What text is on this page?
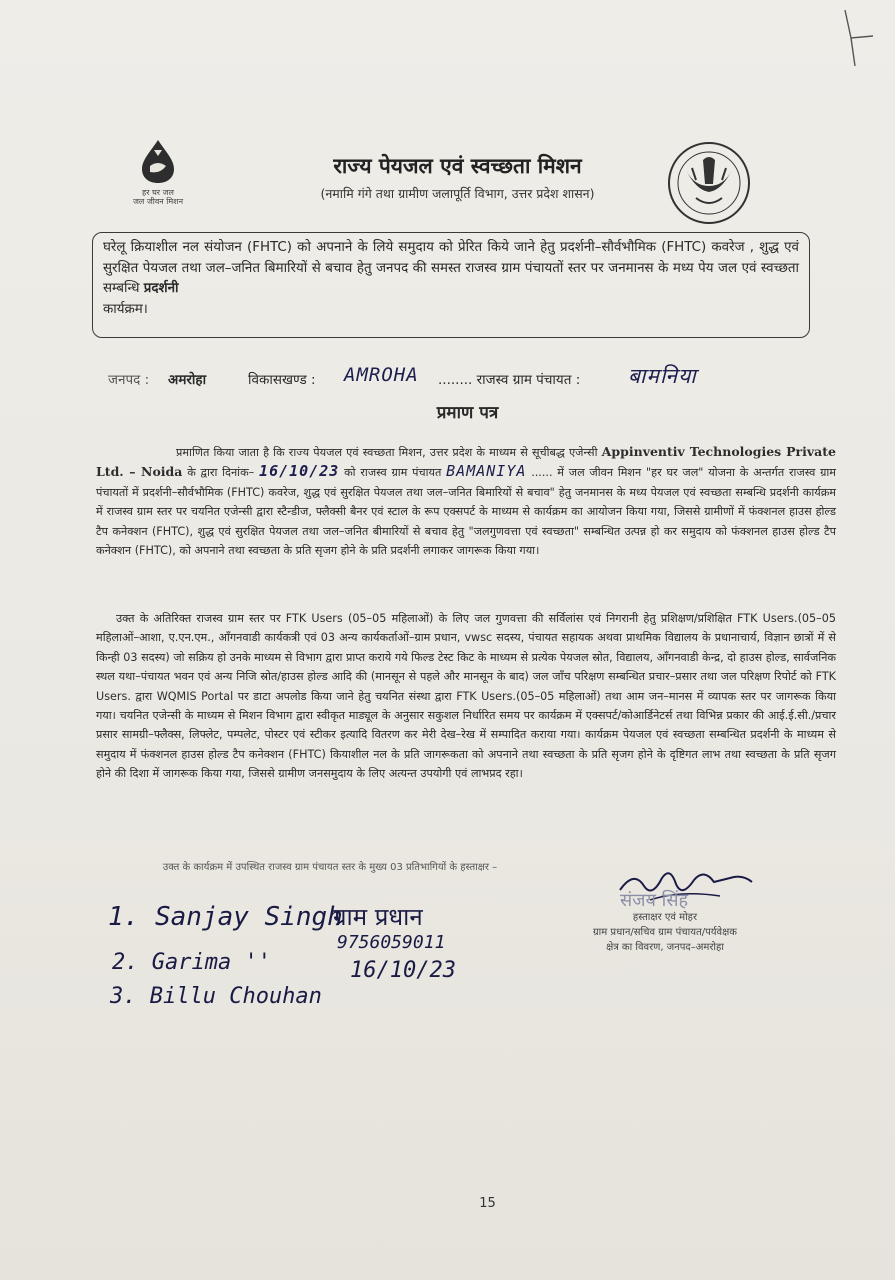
हर घर जल
जल जीवन मिशन
राज्य पेयजल एवं स्वच्छता मिशन
(नमामि गंगे तथा ग्रामीण जलापूर्ति विभाग, उत्तर प्रदेश शासन)
घरेलू क्रियाशील नल संयोजन (FHTC) को अपनाने के लिये समुदाय को प्रेरित किये जाने हेतु प्रदर्शनी–सौर्वभौमिक (FHTC) कवरेज , शुद्ध एवं सुरक्षित पेयजल तथा जल–जनित बिमारियों से बचाव हेतु जनपद की समस्त राजस्व ग्राम पंचायतों स्तर पर जनमानस के मध्य पेय जल एवं स्वच्छता सम्बन्धि प्रदर्शनी
कार्यक्रम।
जनपद : अमरोहा	विकासखण्ड : AMROHA ........ राजस्व ग्राम पंचायत : बामनिया
प्रमाण पत्र
प्रमाणित किया जाता है कि राज्य पेयजल एवं स्वच्छता मिशन, उत्तर प्रदेश के माध्यम से सूचीबद्ध एजेन्सी Appinventiv Technologies Private Ltd. – Noida के द्वारा दिनांक– 16/10/23 को राजस्व ग्राम पंचायत BAMANIYA ...... में जल जीवन मिशन "हर घर जल" योजना के अन्तर्गत राजस्व ग्राम पंचायतों में प्रदर्शनी–सौर्वभौमिक (FHTC) कवरेज, शुद्ध एवं सुरक्षित पेयजल तथा जल–जनित बिमारियों से बचाव" हेतु जनमानस के मध्य पेयजल एवं स्वच्छता सम्बन्धि प्रदर्शनी कार्यक्रम में राजस्व ग्राम स्तर पर चयनित एजेन्सी द्वारा स्टैन्डीज, फ्लैक्सी बैनर एवं स्टाल के रूप एक्सपर्ट के माध्यम से कार्यक्रम का आयोजन किया गया, जिससे ग्रामीणों में फंक्शनल हाउस होल्ड टैप कनेक्शन (FHTC), शुद्ध एवं सुरक्षित पेयजल तथा जल–जनित बीमारियों से बचाव हेतु "जलगुणवत्ता एवं स्वच्छता" सम्बन्धित उत्पन्न हो कर समुदाय को फंक्शनल हाउस होल्ड टैप कनेक्शन (FHTC), को अपनाने तथा स्वच्छता के प्रति सृजग होने के प्रति प्रदर्शनी लगाकर जागरूक किया गया।
उक्त के अतिरिक्त राजस्व ग्राम स्तर पर FTK Users (05–05 महिलाओं) के लिए जल गुणवत्ता की सर्विलांस एवं निगरानी हेतु प्रशिक्षण/प्रशिक्षित FTK Users.(05–05 महिलाओं–आशा, ए.एन.एम., आँगनवाडी कार्यकत्री एवं 03 अन्य कार्यकर्ताओं–ग्राम प्रधान, vwsc सदस्य, पंचायत सहायक अथवा प्राथमिक विद्यालय के प्रधानाचार्य, विज्ञान छात्रों में से किन्ही 03 सदस्य) जो सक्रिय हो उनके माध्यम से विभाग द्वारा प्राप्त कराये गये फिल्ड टेस्ट किट के माध्यम से प्रत्येक पेयजल स्रोत, विद्यालय, आँगनवाडी केन्द्र, दो हाउस होल्ड, सार्वजनिक स्थल यथा–पंचायत भवन एवं अन्य निजि स्रोत/हाउस होल्ड आदि की (मानसून से पहले और मानसून के बाद) जल जाँच परिक्षण सम्बन्धित प्रचार–प्रसार तथा जल परिक्षण रिपोर्ट को FTK Users. द्वारा WQMIS Portal पर डाटा अपलोड किया जाने हेतु चयनित संस्था द्वारा FTK Users.(05–05 महिलाओं) तथा आम जन–मानस में व्यापक स्तर पर जागरूक किया गया। चयनित एजेन्सी के माध्यम से मिशन विभाग द्वारा स्वीकृत माड्यूल के अनुसार सकुशल निर्धारित समय पर कार्यक्रम में एक्सपर्ट/कोआर्डिनेटर्स तथा विभिन्न प्रकार की आई.ई.सी./प्रचार प्रसार सामग्री–फ्लैक्स, लिफ्लेट, पम्पलेट, पोस्टर एवं स्टीकर इत्यादि वितरण कर मेरी देख–रेख में सम्पादित कराया गया। कार्यक्रम पेयजल एवं स्वच्छता सम्बन्धित प्रदर्शनी के माध्यम से समुदाय में फंक्शनल हाउस होल्ड टैप कनेक्शन (FHTC) कियाशील नल के प्रति जागरूकता को अपनाने तथा स्वच्छता के प्रति सृजग होने के दृष्टिगत लाभ तथा स्वच्छता के प्रति सृजग होने की दिशा में जागरूक किया गया, जिससे ग्रामीण जनसमुदाय के लिए अत्यन्त उपयोगी एवं लाभप्रद रहा।
उक्त के कार्यक्रम में उपस्थित राजस्व ग्राम पंचायत स्तर के मुख्य 03 प्रतिभागियों के हस्ताक्षर –
1. Sanjay Singh
2. Garima ''
3. Billu Chouhan
ग्राम प्रधान
9756059011
16/10/23
संजय सिंह
हस्ताक्षर एवं मोहर
ग्राम प्रधान/सचिव ग्राम पंचायत/पर्यवेक्षक
क्षेत्र का विवरण, जनपद–अमरोहा
15
